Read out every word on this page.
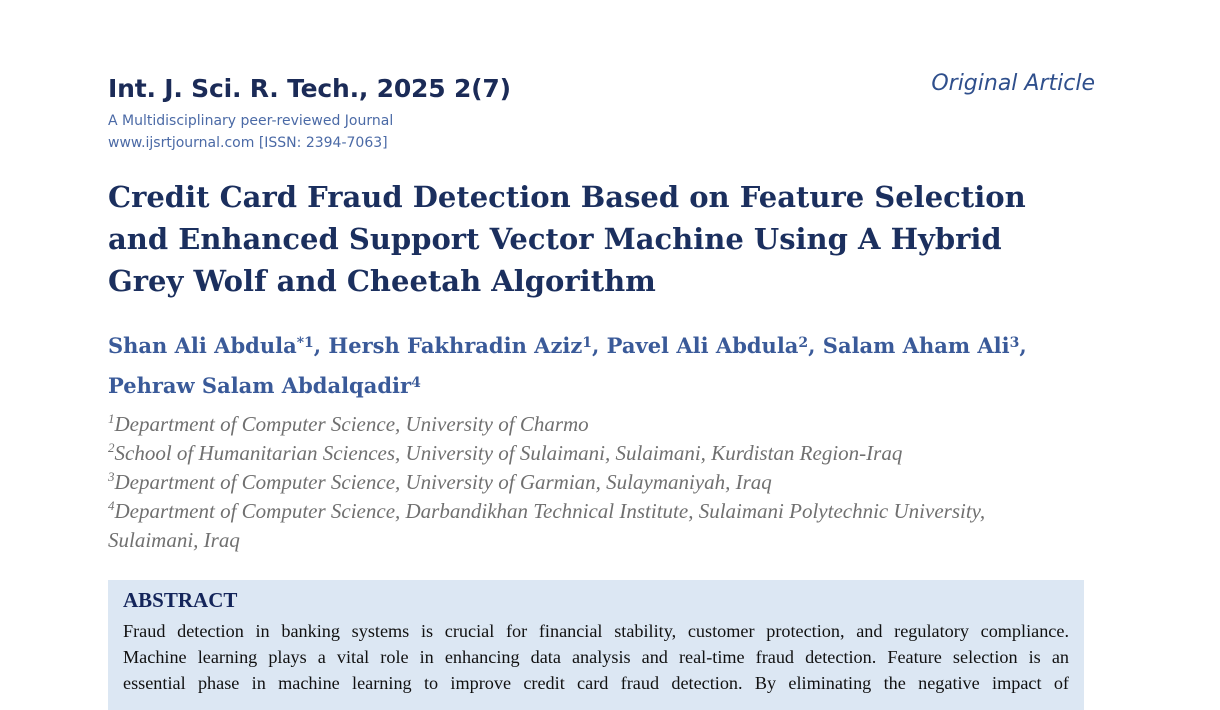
Int. J. Sci. R. Tech., 2025 2(7)	Original Article
A Multidisciplinary peer-reviewed Journal
www.ijsrtjournal.com [ISSN: 2394-7063]
Credit Card Fraud Detection Based on Feature Selection
and Enhanced Support Vector Machine Using A Hybrid
Grey Wolf and Cheetah Algorithm
Shan Ali Abdula$^{*1}$, Hersh Fakhradin Aziz$^1$, Pavel Ali Abdula$^2$, Salam Aham Ali$^3$,
Pehraw Salam Abdalqadir$^4$
$^1$Department of Computer Science, University of Charmo
$^2$School of Humanitarian Sciences, University of Sulaimani, Sulaimani, Kurdistan Region-Iraq
$^3$Department of Computer Science, University of Garmian, Sulaymaniyah, Iraq
$^4$Department of Computer Science, Darbandikhan Technical Institute, Sulaimani Polytechnic University,
Sulaimani, Iraq
ABSTRACT
Fraud detection in banking systems is crucial for financial stability, customer protection, and regulatory compliance.
Machine learning plays a vital role in enhancing data analysis and real-time fraud detection. Feature selection is an
essential phase in machine learning to improve credit card fraud detection. By eliminating the negative impact of
